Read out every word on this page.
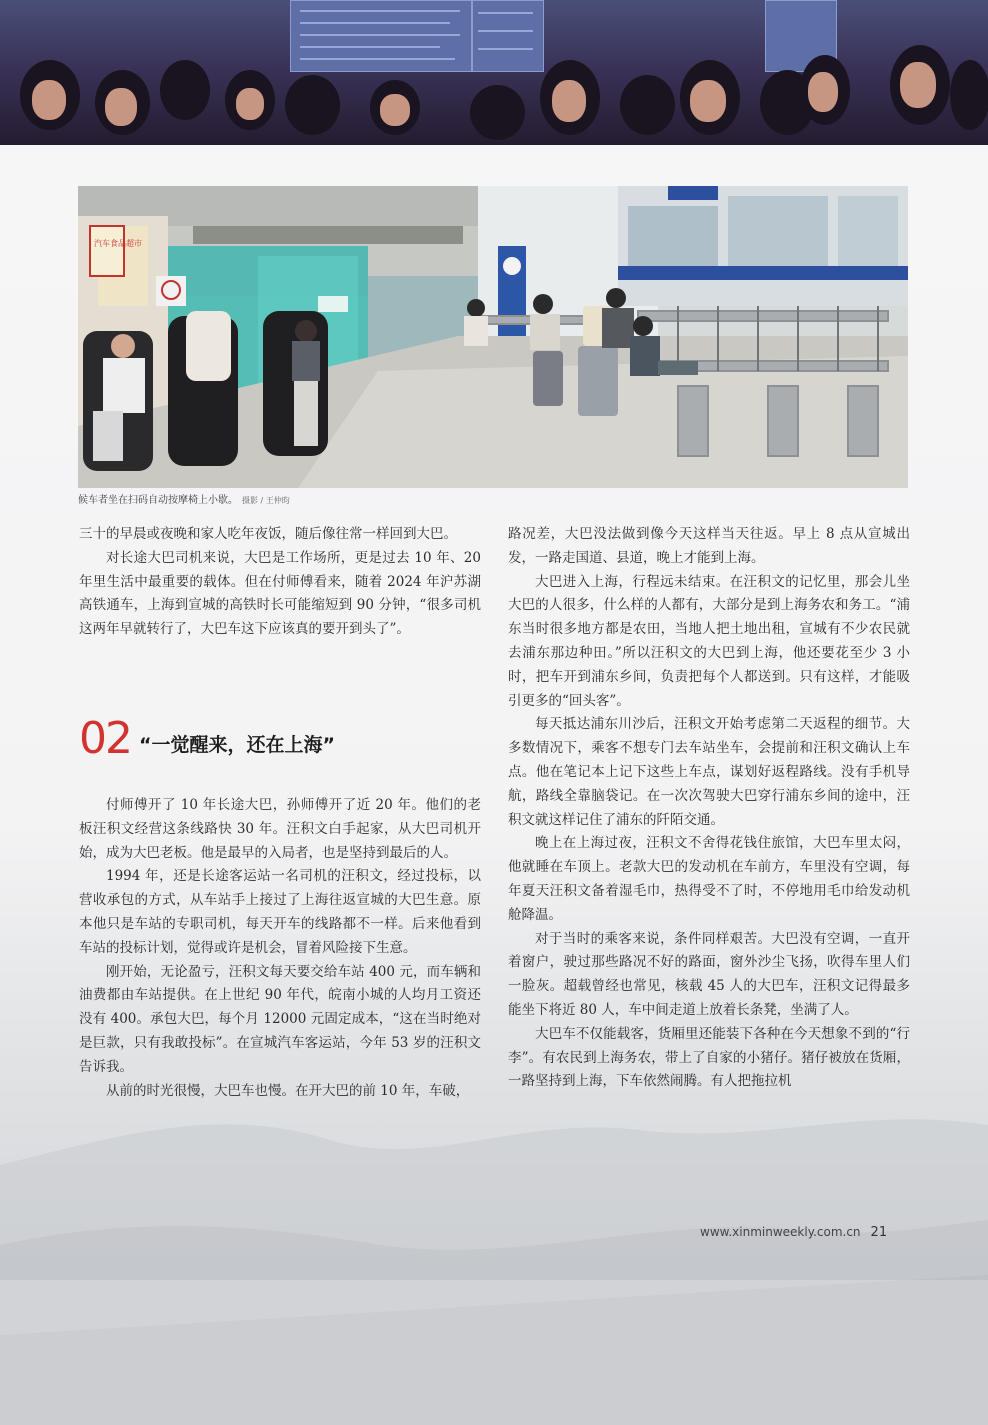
汽车食品超市
候车者坐在扫码自动按摩椅上小歇。 摄影 / 王仲昀

三十的早晨或夜晚和家人吃年夜饭，随后像往常一样回到大巴。

对长途大巴司机来说，大巴是工作场所，更是过去 10 年、20 年里生活中最重要的载体。但在付师傅看来，随着 2024 年沪苏湖高铁通车，上海到宣城的高铁时长可能缩短到 90 分钟，“很多司机这两年早就转行了，大巴车这下应该真的要开到头了”。

02 “一觉醒来，还在上海”

付师傅开了 10 年长途大巴，孙师傅开了近 20 年。他们的老板汪积文经营这条线路快 30 年。汪积文白手起家，从大巴司机开始，成为大巴老板。他是最早的入局者，也是坚持到最后的人。

1994 年，还是长途客运站一名司机的汪积文，经过投标，以营收承包的方式，从车站手上接过了上海往返宣城的大巴生意。原本他只是车站的专职司机，每天开车的线路都不一样。后来他看到车站的投标计划，觉得或许是机会，冒着风险接下生意。

刚开始，无论盈亏，汪积文每天要交给车站 400 元，而车辆和油费都由车站提供。在上世纪 90 年代，皖南小城的人均月工资还没有 400。承包大巴，每个月 12000 元固定成本，“这在当时绝对是巨款，只有我敢投标”。在宣城汽车客运站，今年 53 岁的汪积文告诉我。

从前的时光很慢，大巴车也慢。在开大巴的前 10 年，车破，

路况差，大巴没法做到像今天这样当天往返。早上 8 点从宣城出发，一路走国道、县道，晚上才能到上海。

大巴进入上海，行程远未结束。在汪积文的记忆里，那会儿坐大巴的人很多，什么样的人都有，大部分是到上海务农和务工。“浦东当时很多地方都是农田，当地人把土地出租，宣城有不少农民就去浦东那边种田。”所以汪积文的大巴到上海，他还要花至少 3 小时，把车开到浦东乡间，负责把每个人都送到。只有这样，才能吸引更多的“回头客”。

每天抵达浦东川沙后，汪积文开始考虑第二天返程的细节。大多数情况下，乘客不想专门去车站坐车，会提前和汪积文确认上车点。他在笔记本上记下这些上车点，谋划好返程路线。没有手机导航，路线全靠脑袋记。在一次次驾驶大巴穿行浦东乡间的途中，汪积文就这样记住了浦东的阡陌交通。

晚上在上海过夜，汪积文不舍得花钱住旅馆，大巴车里太闷，他就睡在车顶上。老款大巴的发动机在车前方，车里没有空调，每年夏天汪积文备着湿毛巾，热得受不了时，不停地用毛巾给发动机舱降温。

对于当时的乘客来说，条件同样艰苦。大巴没有空调，一直开着窗户，驶过那些路况不好的路面，窗外沙尘飞扬，吹得车里人们一脸灰。超载曾经也常见，核载 45 人的大巴车，汪积文记得最多能坐下将近 80 人，车中间走道上放着长条凳，坐满了人。

大巴车不仅能载客，货厢里还能装下各种在今天想象不到的“行李”。有农民到上海务农，带上了自家的小猪仔。猪仔被放在货厢，一路坚持到上海，下车依然闹腾。有人把拖拉机

www.xinminweekly.com.cn 21
